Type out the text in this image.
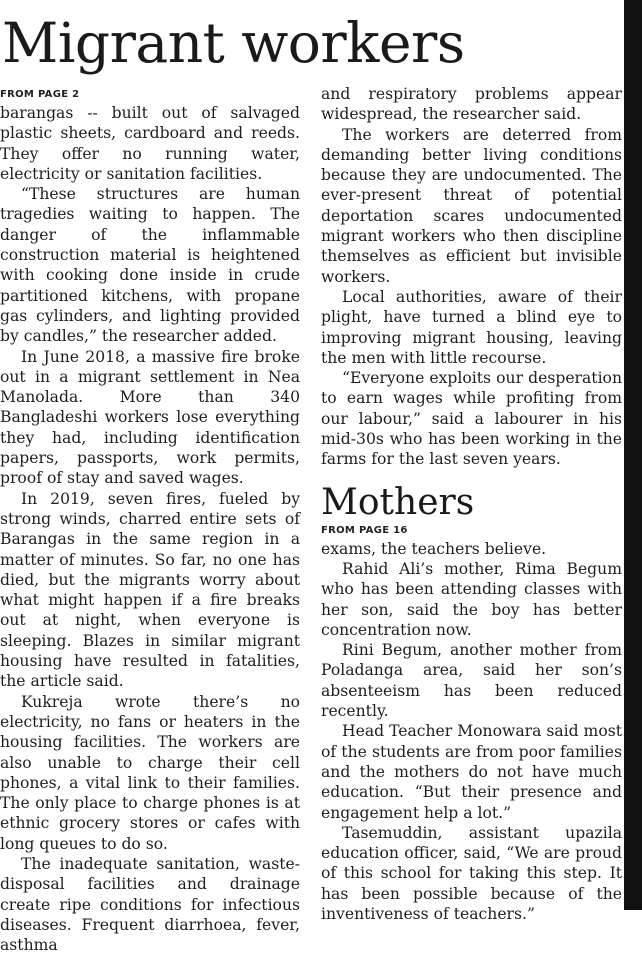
Migrant workers
FROM PAGE 2

barangas -- built out of salvaged plastic sheets, cardboard and reeds. They offer no running water, electricity or sanitation facilities.

“These structures are human tragedies waiting to happen. The danger of the inflammable construction material is heightened with cooking done inside in crude partitioned kitchens, with propane gas cylinders, and lighting provided by candles,” the researcher added.

In June 2018, a massive fire broke out in a migrant settlement in Nea Manolada. More than 340 Bangladeshi workers lose everything they had, including identification papers, passports, work permits, proof of stay and saved wages.

In 2019, seven fires, fueled by strong winds, charred entire sets of Barangas in the same region in a matter of minutes. So far, no one has died, but the migrants worry about what might happen if a fire breaks out at night, when everyone is sleeping. Blazes in similar migrant housing have resulted in fatalities, the article said.

Kukreja wrote there’s no electricity, no fans or heaters in the housing facilities. The workers are also unable to charge their cell phones, a vital link to their families. The only place to charge phones is at ethnic grocery stores or cafes with long queues to do so.

The inadequate sanitation, waste-disposal facilities and drainage create ripe conditions for infectious diseases. Frequent diarrhoea, fever, asthma

and respiratory problems appear widespread, the researcher said.

The workers are deterred from demanding better living conditions because they are undocumented. The ever-present threat of potential deportation scares undocumented migrant workers who then discipline themselves as efficient but invisible workers.

Local authorities, aware of their plight, have turned a blind eye to improving migrant housing, leaving the men with little recourse.

“Everyone exploits our desperation to earn wages while profiting from our labour,” said a labourer in his mid-30s who has been working in the farms for the last seven years.

Mothers
FROM PAGE 16

exams, the teachers believe.

Rahid Ali’s mother, Rima Begum who has been attending classes with her son, said the boy has better concentration now.

Rini Begum, another mother from Poladanga area, said her son’s absenteeism has been reduced recently.

Head Teacher Monowara said most of the students are from poor families and the mothers do not have much education. “But their presence and engagement help a lot.”

Tasemuddin, assistant upazila education officer, said, “We are proud of this school for taking this step. It has been possible because of the inventiveness of teachers.”
